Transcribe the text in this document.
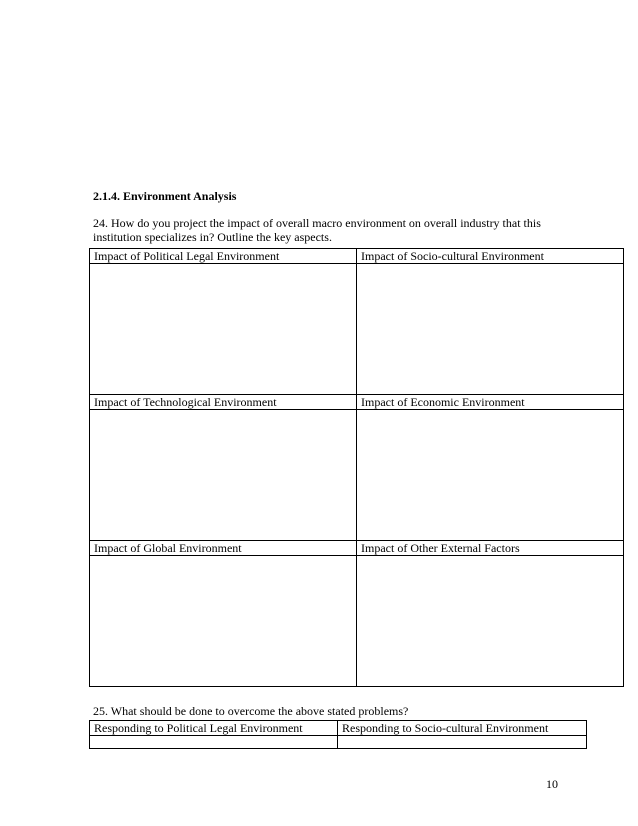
2.1.4. Environment Analysis
24. How do you project the impact of overall macro environment on overall industry that this institution specializes in? Outline the key aspects.
Impact of Political Legal Environment	Impact of Socio-cultural Environment

Impact of Technological Environment	Impact of Economic Environment

Impact of Global Environment	Impact of Other External Factors

25. What should be done to overcome the above stated problems?
Responding to Political Legal Environment	Responding to Socio-cultural Environment

10
